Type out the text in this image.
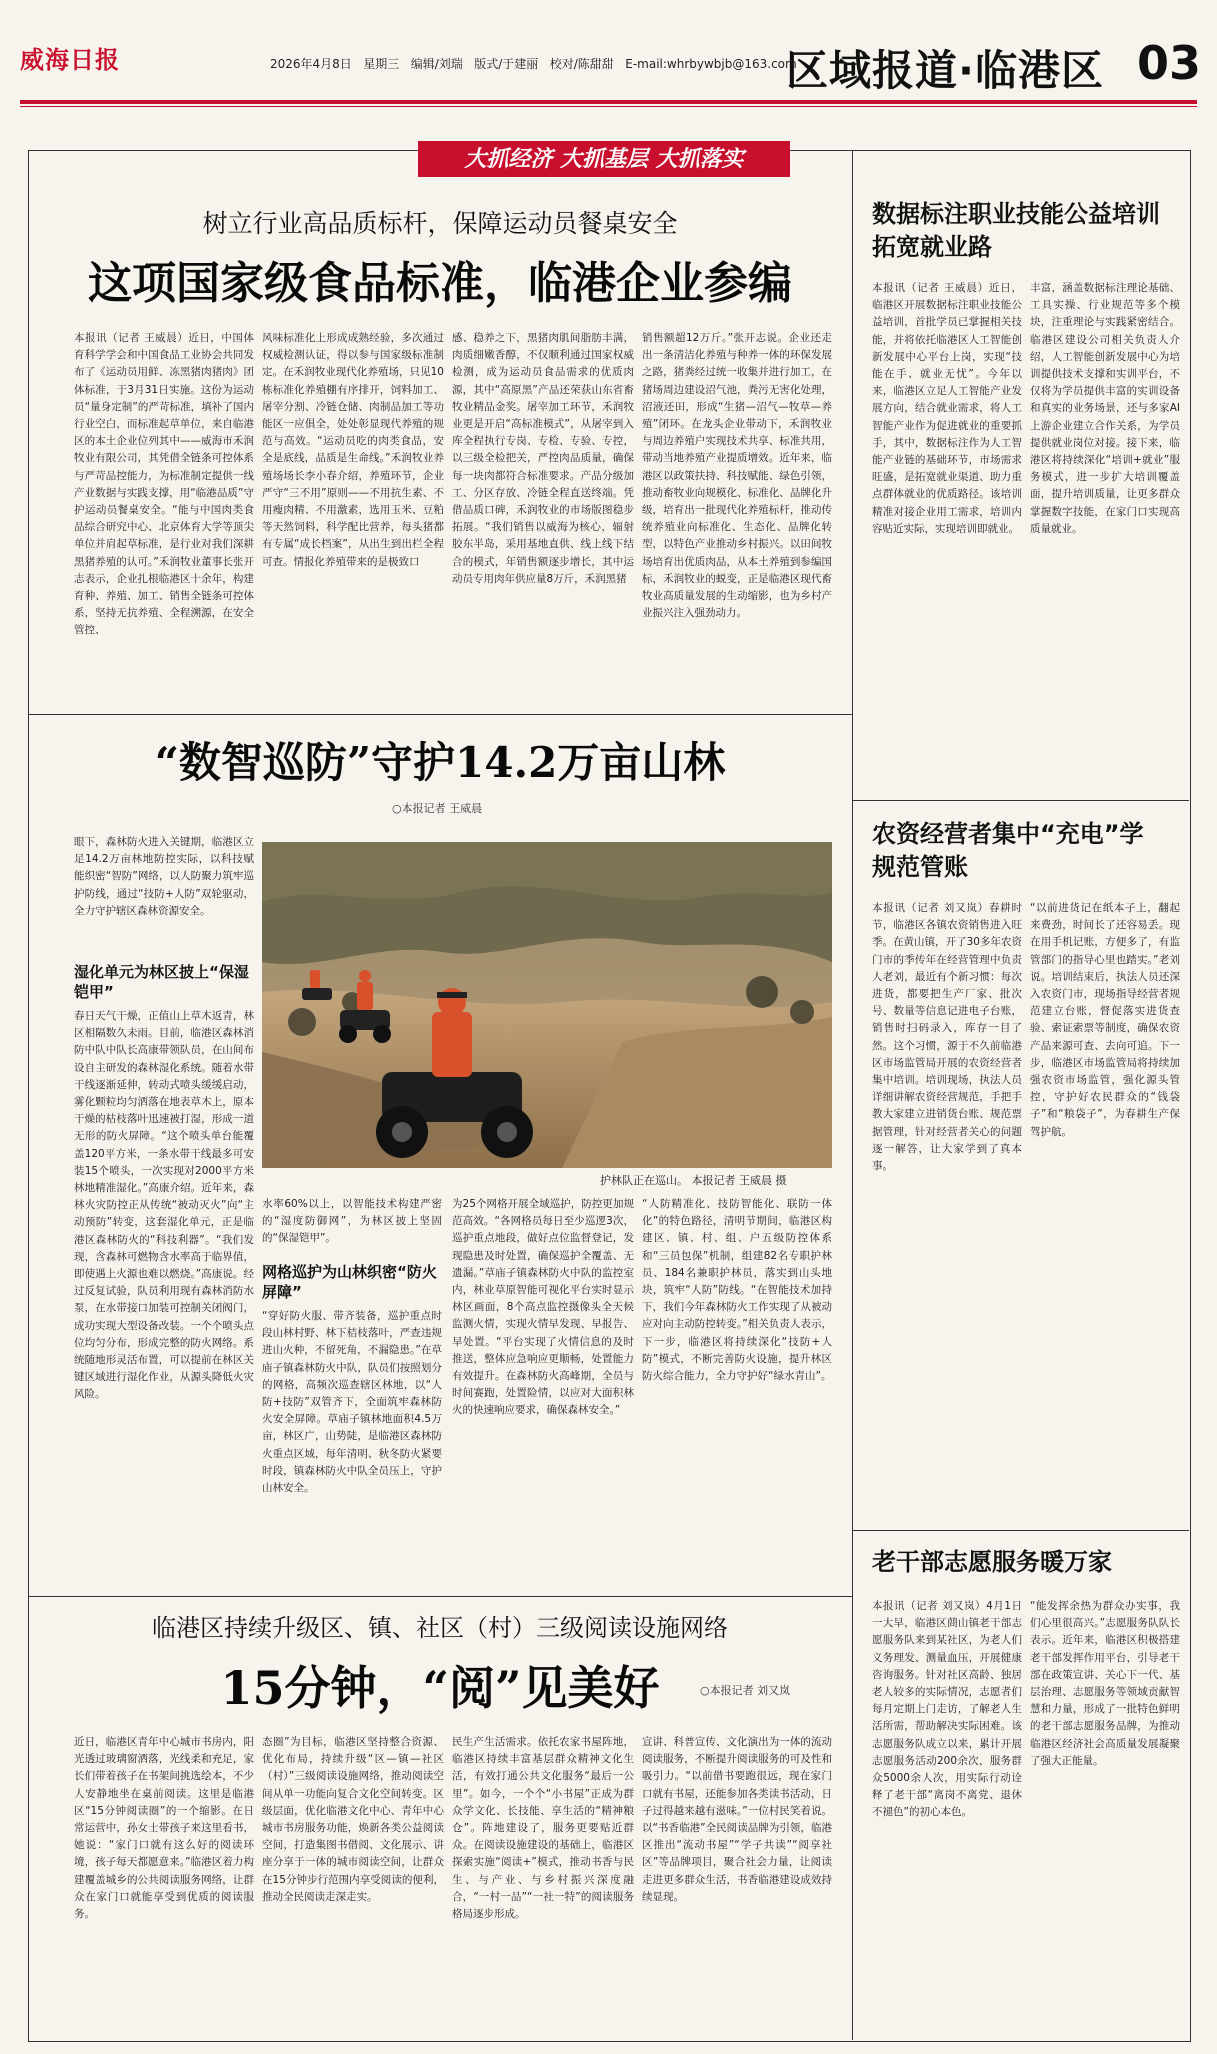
威海日报	2026年4月8日 星期三 编辑/刘瑞 版式/于建丽 校对/陈甜甜 E-mail:whrbywbjb@163.com
区域报道·临港区 03
大抓经济 大抓基层 大抓落实
树立行业高品质标杆，保障运动员餐桌安全
这项国家级食品标准，临港企业参编
本报讯（记者 王威晨）近日，中国体育科学学会和中国食品工业协会共同发布了《运动员用鲜、冻黑猪肉猪肉》团体标准，于3月31日实施。这份为运动员“量身定制”的严苛标准，填补了国内行业空白，而标准起草单位，来自临港区的本土企业位列其中——威海市禾润牧业有限公司，其凭借全链条可控体系与严苛品控能力，为标准制定提供一线产业数据与实践支撑，用“临港品质”守护运动员餐桌安全。“能与中国肉类食品综合研究中心、北京体育大学等顶尖单位并肩起草标准，是行业对我们深耕黑猪养殖的认可。”禾润牧业董事长张开志表示，企业扎根临港区十余年，构建育种、养殖、加工、销售全链条可控体系，坚持无抗养殖、全程溯源，在安全管控、
风味标准化上形成成熟经验，多次通过权威检测认证，得以参与国家级标准制定。在禾润牧业现代化养殖场，只见10栋标准化养殖棚有序排开，饲料加工、屠宰分割、冷链仓储、肉制品加工等功能区一应俱全，处处彰显现代养殖的规范与高效。“运动员吃的肉类食品，安全是底线，品质是生命线。”禾润牧业养殖场场长李小春介绍，养殖环节，企业严守“三不用”原则——不用抗生素、不用瘦肉精、不用激素，选用玉米、豆粕等天然饲料，科学配比营养，每头猪都有专属“成长档案”，从出生到出栏全程可查。情报化养殖带来的是极致口
感、稳养之下，黑猪肉肌间脂肪丰满，肉质细嫩香醇，不仅顺利通过国家权威检测，成为运动员食品需求的优质肉源，其中“高原黑”产品还荣获山东省畜牧业精品金奖。屠宰加工环节，禾润牧业更是开启“高标准模式”，从屠宰到入库全程执行专岗、专检、专验、专控，以三级全检把关，严控肉品质量，确保每一块肉都符合标准要求。产品分级加工、分区存放、冷链全程直送终端。凭借品质口碑，禾润牧业的市场版图稳步拓展。“我们销售以威海为核心，辐射胶东半岛，采用基地直供、线上线下结合的模式，年销售额逐步增长，其中运动员专用肉年供应量8万斤，禾润黑猪
销售额超12万斤。”张开志说。企业还走出一条清洁化养殖与种养一体的环保发展之路，猪粪经过统一收集并进行加工，在猪场周边建设沼气池，粪污无害化处理，沼液还田，形成“生猪—沼气—牧草—养殖”闭环。在龙头企业带动下，禾润牧业与周边养殖户实现技术共享、标准共用，带动当地养殖产业提质增效。近年来，临港区以政策扶持、科技赋能、绿色引领，推动畜牧业向规模化、标准化、品牌化升级，培育出一批现代化养殖标杆，推动传统养殖业向标准化、生态化、品牌化转型，以特色产业推动乡村振兴。以田间牧场培育出优质肉品，从本土养殖到参编国标，禾润牧业的蜕变，正是临港区现代畜牧业高质量发展的生动缩影，也为乡村产业振兴注入强劲动力。
“数智巡防”守护14.2万亩山林
○本报记者 王威晨
眼下，森林防火进入关键期，临港区立足14.2万亩林地防控实际，以科技赋能织密“智防”网络，以人防聚力筑牢巡护防线，通过“技防+人防”双轮驱动，全力守护辖区森林资源安全。
湿化单元为林区披上“保湿铠甲”
春日天气干燥，正值山上草木返青，林区相隔数久未雨。目前，临港区森林消防中队中队长高康带领队员，在山间布设自主研发的森林湿化系统。随着水带干线逐渐延伸，转动式喷头缓缓启动，雾化颗粒均匀洒落在地表草木上，原本干燥的枯枝落叶迅速被打湿，形成一道无形的防火屏障。“这个喷头单台能覆盖120平方米，一条水带干线最多可安装15个喷头，一次实现对2000平方米林地精准湿化。”高康介绍。近年来，森林火灾防控正从传统“被动灭火”向“主动预防”转变，这套湿化单元，正是临港区森林防火的“科技利器”。“我们发现，含森林可燃物含水率高于临界值，即使遇上火源也难以燃烧。”高康说。经过反复试验，队员利用现有森林消防水泵，在水带接口加装可控制关闭阀门，成功实现大型设备改装。一个个喷头点位均匀分布，形成完整的防火网络。系统随地形灵活布置，可以提前在林区关键区域进行湿化作业，从源头降低火灾风险。
护林队正在巡山。 本报记者 王威晨 摄
水率60%以上，以智能技术构建严密的“湿度防御网”，为林区披上坚固的“保湿铠甲”。
网格巡护为山林织密“防火屏障”
“穿好防火服、带齐装备，巡护重点时段山林村野、林下桔枝落叶，严查违规进山火种，不留死角，不漏隐患。”在草庙子镇森林防火中队，队员们按照划分的网格，高频次巡查辖区林地，以“人防+技防”双管齐下，全面筑牢森林防火安全屏障。草庙子镇林地面积4.5万亩，林区广，山势陡，是临港区森林防火重点区域，每年清明、秋冬防火紧要时段，镇森林防火中队全员压上，守护山林安全。
为25个网格开展全域巡护，防控更加规范高效。“各网格员每日至少巡逻3次，巡护重点地段，做好点位监督登记，发现隐患及时处置，确保巡护全覆盖、无遗漏。”草庙子镇森林防火中队的监控室内，林业草原智能可视化平台实时显示林区画面，8个高点监控摄像头全天候监测火情，实现火情早发现、早报告、早处置。“平台实现了火情信息的及时推送，整体应急响应更顺畅，处置能力有效提升。在森林防火高峰期，全员与时间赛跑，处置险情，以应对大面积林火的快速响应要求，确保森林安全。”
“人防精准化、技防智能化、联防一体化”的特色路径，清明节期间，临港区构建区、镇、村、组、户五级防控体系和“三员包保”机制，组建82名专职护林员、184名兼职护林员，落实到山头地块，筑牢“人防”防线。“在智能技术加持下，我们今年森林防火工作实现了从被动应对向主动防控转变。”相关负责人表示，下一步，临港区将持续深化“技防+人防”模式，不断完善防火设施，提升林区防火综合能力，全力守护好“绿水青山”。
临港区持续升级区、镇、社区（村）三级阅读设施网络
15分钟，“阅”见美好	○本报记者 刘又岚
近日，临港区青年中心城市书房内，阳光透过玻璃窗洒落，光线柔和充足，家长们带着孩子在书架间挑选绘本，不少人安静地坐在桌前阅读。这里是临港区“15分钟阅读圈”的一个缩影。在日常运营中，孙女士带孩子来这里看书，她说：“家门口就有这么好的阅读环境，孩子每天都愿意来。”临港区着力构建覆盖城乡的公共阅读服务网络，让群众在家门口就能享受到优质的阅读服务。
态圈”为目标，临港区坚持整合资源、优化布局，持续升级“区—镇—社区（村）”三级阅读设施网络，推动阅读空间从单一功能向复合文化空间转变。区级层面，优化临港文化中心、青年中心城市书房服务功能，焕新各类公益阅读空间，打造集图书借阅、文化展示、讲座分享于一体的城市阅读空间，让群众在15分钟步行范围内享受阅读的便利，推动全民阅读走深走实。
民生产生活需求。依托农家书屋阵地，临港区持续丰富基层群众精神文化生活，有效打通公共文化服务“最后一公里”。如今，一个个“小书屋”正成为群众学文化、长技能、享生活的“精神粮仓”。阵地建设了，服务更要贴近群众。在阅读设施建设的基础上，临港区探索实施“阅读+”模式，推动书香与民生、与产业、与乡村振兴深度融合，“一村一品”“一社一特”的阅读服务格局逐步形成。
宣讲、科普宣传、文化演出为一体的流动阅读服务，不断提升阅读服务的可及性和吸引力。“以前借书要跑很远，现在家门口就有书屋，还能参加各类读书活动，日子过得越来越有滋味。”一位村民笑着说。以“书香临港”全民阅读品牌为引领，临港区推出“流动书屋”“学子共读”“阅享社区”等品牌项目，聚合社会力量，让阅读走进更多群众生活，书香临港建设成效持续显现。
数据标注职业技能公益培训拓宽就业路
本报讯（记者 王威晨）近日，临港区开展数据标注职业技能公益培训，首批学员已掌握相关技能，并将依托临港区人工智能创新发展中心平台上岗，实现“技能在手、就业无忧”。今年以来，临港区立足人工智能产业发展方向，结合就业需求，将人工智能产业作为促进就业的重要抓手，其中，数据标注作为人工智能产业链的基础环节，市场需求旺盛，是拓宽就业渠道、助力重点群体就业的优质路径。该培训精准对接企业用工需求，培训内容贴近实际，实现培训即就业。
丰富，涵盖数据标注理论基础、工具实操、行业规范等多个模块，注重理论与实践紧密结合。临港区建设公司相关负责人介绍，人工智能创新发展中心为培训提供技术支撑和实训平台，不仅将为学员提供丰富的实训设备和真实的业务场景，还与多家AI上游企业建立合作关系，为学员提供就业岗位对接。接下来，临港区将持续深化“培训+就业”服务模式，进一步扩大培训覆盖面，提升培训质量，让更多群众掌握数字技能，在家门口实现高质量就业。
农资经营者集中“充电”学规范管账
本报讯（记者 刘又岚）春耕时节，临港区各镇农资销售进入旺季。在黄山镇，开了30多年农资门市的季传年在经营管理中负责人老刘，最近有个新习惯：每次进货，都要把生产厂家、批次号、数量等信息记进电子台账，销售时扫码录入，库存一目了然。这个习惯，源于不久前临港区市场监管局开展的农资经营者集中培训。培训现场，执法人员详细讲解农资经营规范，手把手教大家建立进销货台账、规范票据管理，针对经营者关心的问题逐一解答，让大家学到了真本事。
“以前进货记在纸本子上，翻起来费劲，时间长了还容易丢。现在用手机记账，方便多了，有监管部门的指导心里也踏实。”老刘说。培训结束后，执法人员还深入农资门市，现场指导经营者规范建立台账，督促落实进货查验、索证索票等制度，确保农资产品来源可查、去向可追。下一步，临港区市场监管局将持续加强农资市场监管，强化源头管控，守护好农民群众的“钱袋子”和“粮袋子”，为春耕生产保驾护航。
老干部志愿服务暖万家
本报讯（记者 刘又岚）4月1日一大早，临港区蔄山镇老干部志愿服务队来到某社区，为老人们义务理发、测量血压，开展健康咨询服务。针对社区高龄、独居老人较多的实际情况，志愿者们每月定期上门走访，了解老人生活所需，帮助解决实际困难。该志愿服务队成立以来，累计开展志愿服务活动200余次，服务群众5000余人次，用实际行动诠释了老干部“离岗不离党、退休不褪色”的初心本色。
“能发挥余热为群众办实事，我们心里很高兴。”志愿服务队队长表示。近年来，临港区积极搭建老干部发挥作用平台，引导老干部在政策宣讲、关心下一代、基层治理、志愿服务等领域贡献智慧和力量，形成了一批特色鲜明的老干部志愿服务品牌，为推动临港区经济社会高质量发展凝聚了强大正能量。
